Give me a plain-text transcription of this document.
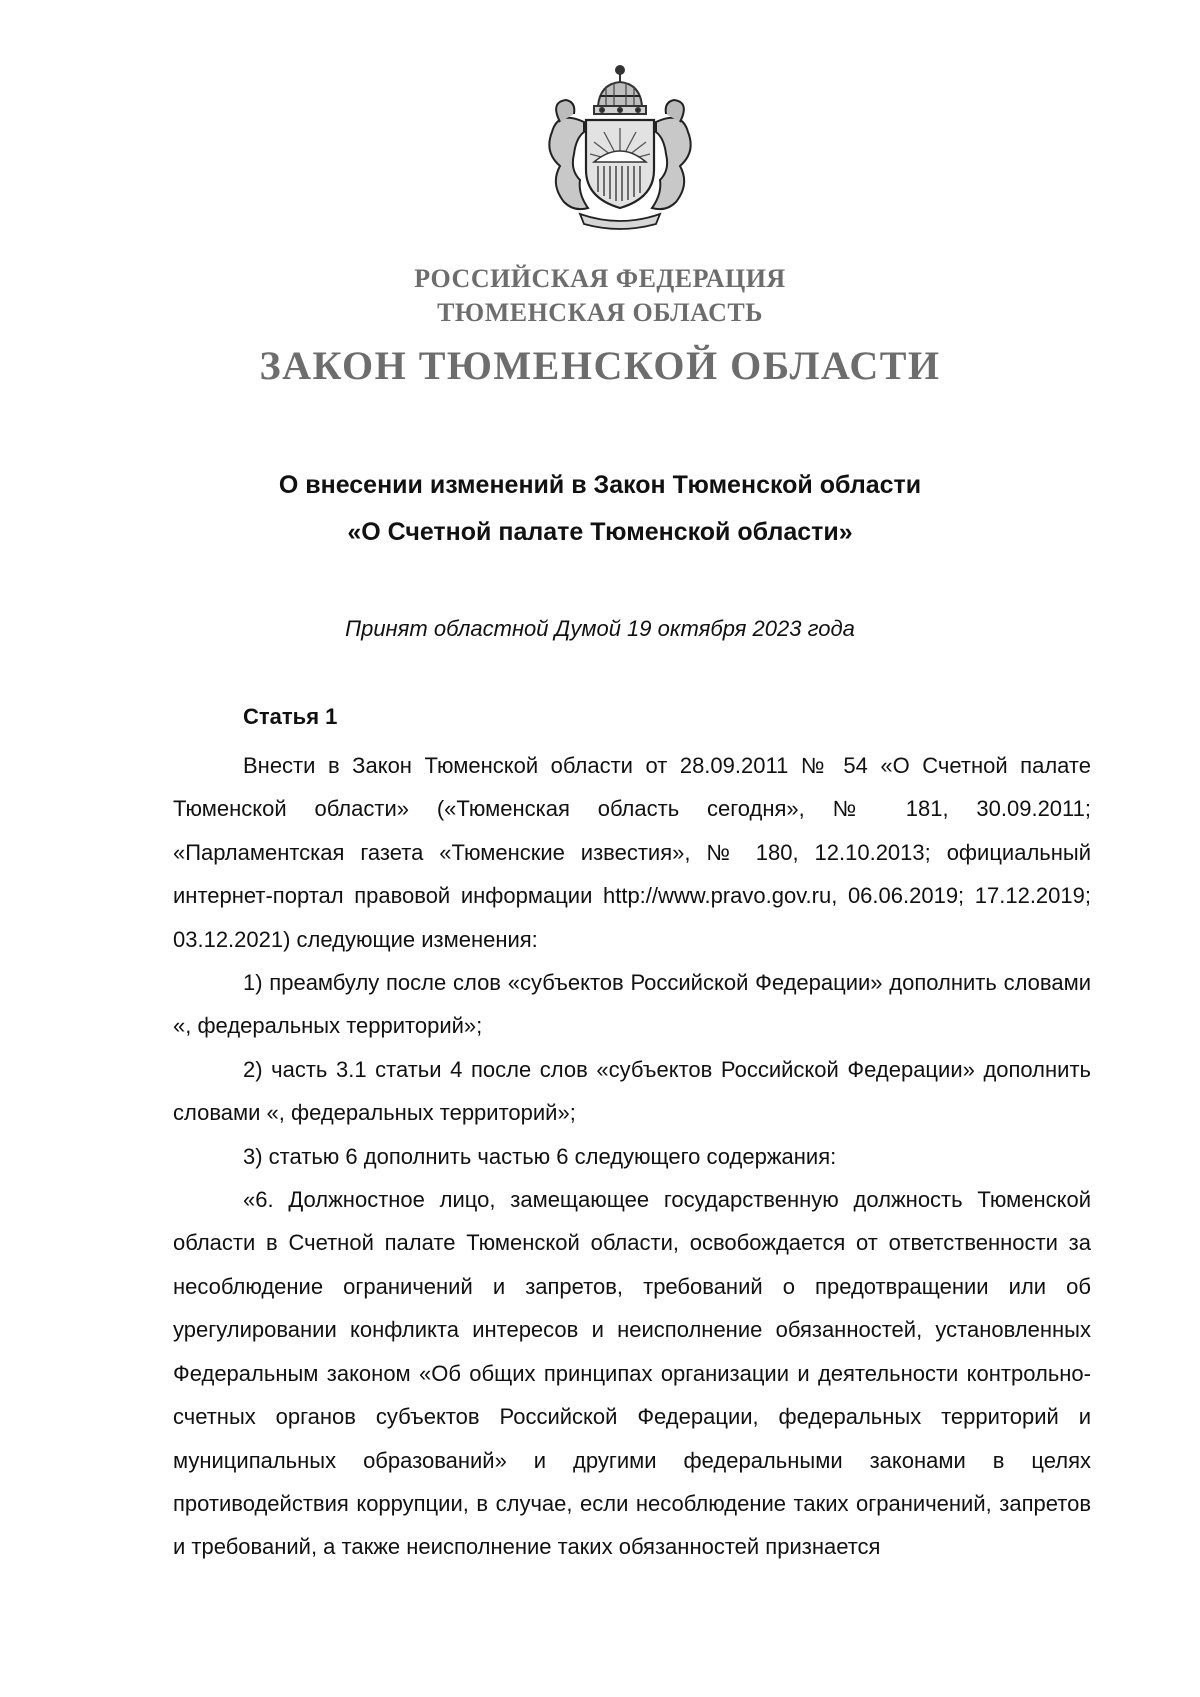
РОССИЙСКАЯ ФЕДЕРАЦИЯ
ТЮМЕНСКАЯ ОБЛАСТЬ
ЗАКОН ТЮМЕНСКОЙ ОБЛАСТИ
О внесении изменений в Закон Тюменской области
«О Счетной палате Тюменской области»
Принят областной Думой 19 октября 2023 года
Статья 1

Внести в Закон Тюменской области от 28.09.2011 № 54 «О Счетной палате Тюменской области» («Тюменская область сегодня», № 181, 30.09.2011; «Парламентская газета «Тюменские известия», № 180, 12.10.2013; официальный интернет-портал правовой информации http://www.pravo.gov.ru, 06.06.2019; 17.12.2019; 03.12.2021) следующие изменения:

1) преамбулу после слов «субъектов Российской Федерации» дополнить словами «, федеральных территорий»;

2) часть 3.1 статьи 4 после слов «субъектов Российской Федерации» дополнить словами «, федеральных территорий»;

3) статью 6 дополнить частью 6 следующего содержания:

«6. Должностное лицо, замещающее государственную должность Тюменской области в Счетной палате Тюменской области, освобождается от ответственности за несоблюдение ограничений и запретов, требований о предотвращении или об урегулировании конфликта интересов и неисполнение обязанностей, установленных Федеральным законом «Об общих принципах организации и деятельности контрольно-счетных органов субъектов Российской Федерации, федеральных территорий и муниципальных образований» и другими федеральными законами в целях противодействия коррупции, в случае, если несоблюдение таких ограничений, запретов и требований, а также неисполнение таких обязанностей признается
